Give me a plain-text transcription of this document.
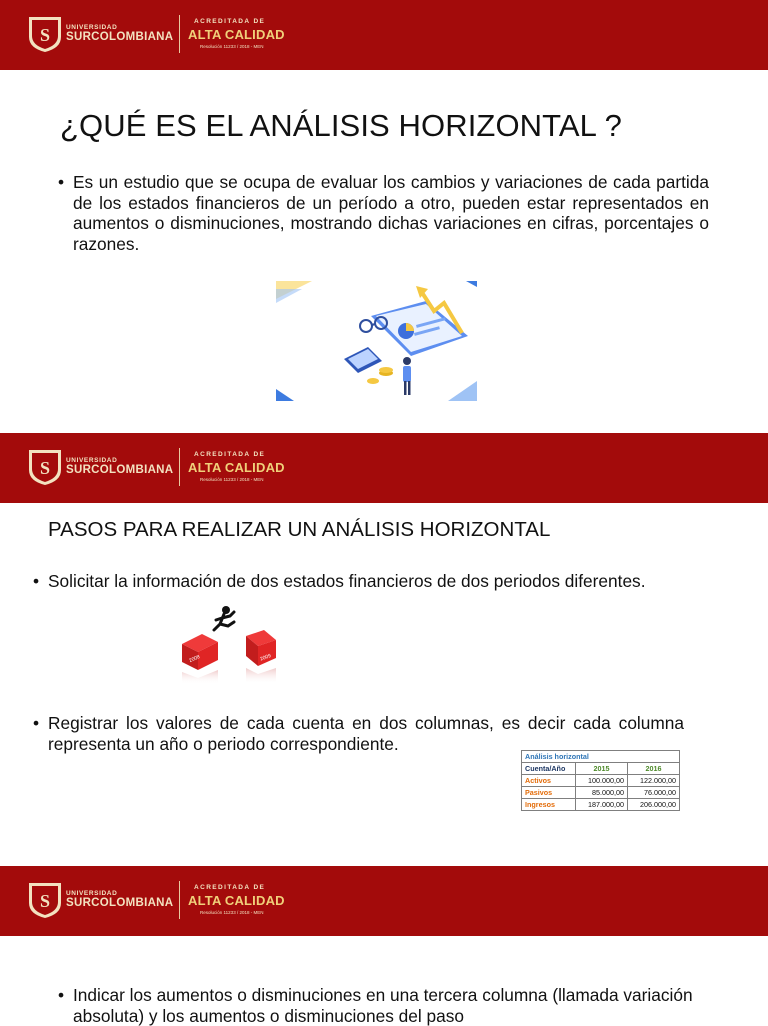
S UNIVERSIDAD
SURCOLOMBIANA
ACREDITADA DE
ALTA CALIDAD
Resolución 11233 / 2018 - MEN
¿QUÉ ES EL ANÁLISIS HORIZONTAL ?
• Es un estudio que se ocupa de evaluar los cambios y variaciones de cada partida de los estados financieros de un período a otro, pueden estar representados en aumentos o disminuciones, mostrando dichas variaciones en cifras, porcentajes o razones.
S UNIVERSIDAD
SURCOLOMBIANA
ACREDITADA DE
ALTA CALIDAD
Resolución 11233 / 2018 - MEN
PASOS PARA REALIZAR UN ANÁLISIS HORIZONTAL
• Solicitar la información de dos estados financieros de dos periodos diferentes.
2008	2009
• Registrar los valores de cada cuenta en dos columnas, es decir cada columna representa un año o periodo correspondiente.
Análisis horizontal		
Cuenta/Año	2015	2016
Activos	100.000,00	122.000,00
Pasivos	85.000,00	76.000,00
Ingresos	187.000,00	206.000,00
S UNIVERSIDAD
SURCOLOMBIANA
ACREDITADA DE
ALTA CALIDAD
Resolución 11233 / 2018 - MEN
• Indicar los aumentos o disminuciones en una tercera columna (llamada variación absoluta) y los aumentos o disminuciones del paso
